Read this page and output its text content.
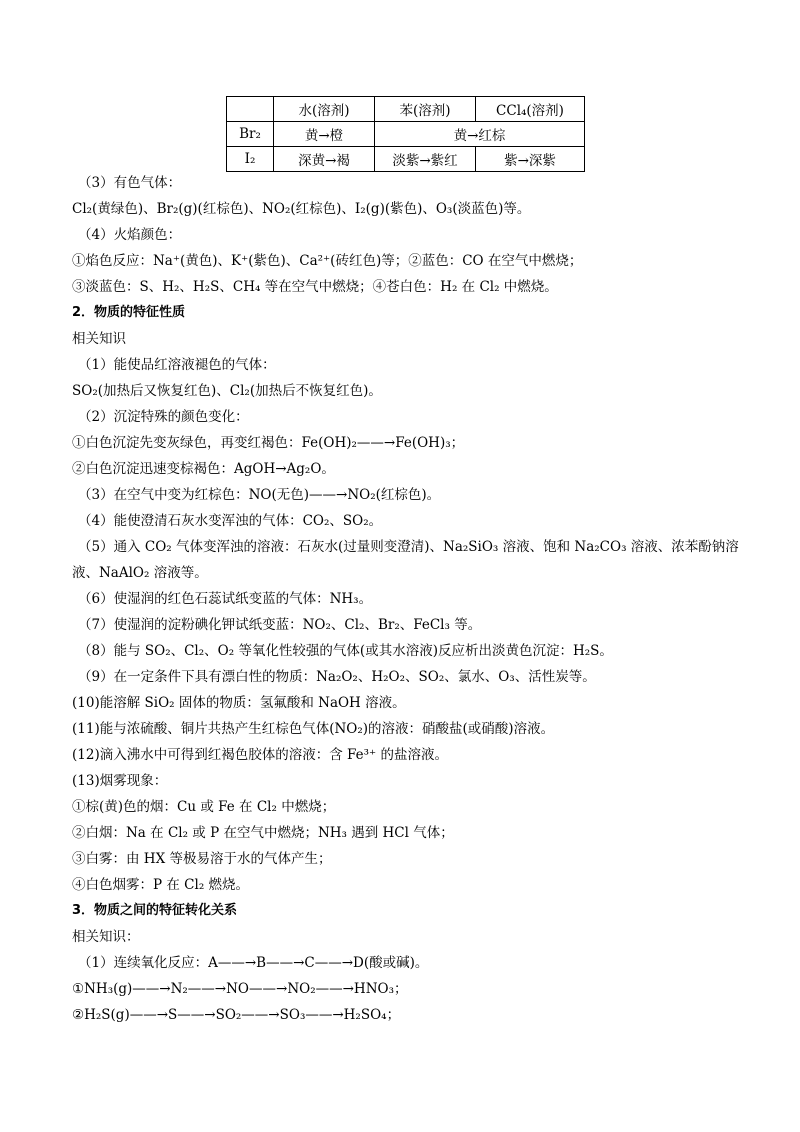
	水(溶剂)	苯(溶剂)	CCl₄(溶剂)
Br₂	黄→橙	黄→红棕	
I₂	深黄→褐	淡紫→紫红	紫→深紫
（3）有色气体：
Cl₂(黄绿色)、Br₂(g)(红棕色)、NO₂(红棕色)、I₂(g)(紫色)、O₃(淡蓝色)等。
（4）火焰颜色：
①焰色反应：Na⁺(黄色)、K⁺(紫色)、Ca²⁺(砖红色)等；②蓝色：CO 在空气中燃烧；
③淡蓝色：S、H₂、H₂S、CH₄ 等在空气中燃烧；④苍白色：H₂ 在 Cl₂ 中燃烧。
2．物质的特征性质
相关知识
（1）能使品红溶液褪色的气体：
SO₂(加热后又恢复红色)、Cl₂(加热后不恢复红色)。
（2）沉淀特殊的颜色变化：
①白色沉淀先变灰绿色，再变红褐色：Fe(OH)₂——→Fe(OH)₃；
②白色沉淀迅速变棕褐色：AgOH→Ag₂O。
（3）在空气中变为红棕色：NO(无色)——→NO₂(红棕色)。
（4）能使澄清石灰水变浑浊的气体：CO₂、SO₂。
（5）通入 CO₂ 气体变浑浊的溶液：石灰水(过量则变澄清)、Na₂SiO₃ 溶液、饱和 Na₂CO₃ 溶液、浓苯酚钠溶
液、NaAlO₂ 溶液等。
（6）使湿润的红色石蕊试纸变蓝的气体：NH₃。
（7）使湿润的淀粉碘化钾试纸变蓝：NO₂、Cl₂、Br₂、FeCl₃ 等。
（8）能与 SO₂、Cl₂、O₂ 等氧化性较强的气体(或其水溶液)反应析出淡黄色沉淀：H₂S。
（9）在一定条件下具有漂白性的物质：Na₂O₂、H₂O₂、SO₂、氯水、O₃、活性炭等。
(10)能溶解 SiO₂ 固体的物质：氢氟酸和 NaOH 溶液。
(11)能与浓硫酸、铜片共热产生红棕色气体(NO₂)的溶液：硝酸盐(或硝酸)溶液。
(12)滴入沸水中可得到红褐色胶体的溶液：含 Fe³⁺ 的盐溶液。
(13)烟雾现象：
①棕(黄)色的烟：Cu 或 Fe 在 Cl₂ 中燃烧；
②白烟：Na 在 Cl₂ 或 P 在空气中燃烧；NH₃ 遇到 HCl 气体；
③白雾：由 HX 等极易溶于水的气体产生；
④白色烟雾：P 在 Cl₂ 燃烧。
3．物质之间的特征转化关系
相关知识：
（1）连续氧化反应：A——→B——→C——→D(酸或碱)。
①NH₃(g)——→N₂——→NO——→NO₂——→HNO₃；
②H₂S(g)——→S——→SO₂——→SO₃——→H₂SO₄；
